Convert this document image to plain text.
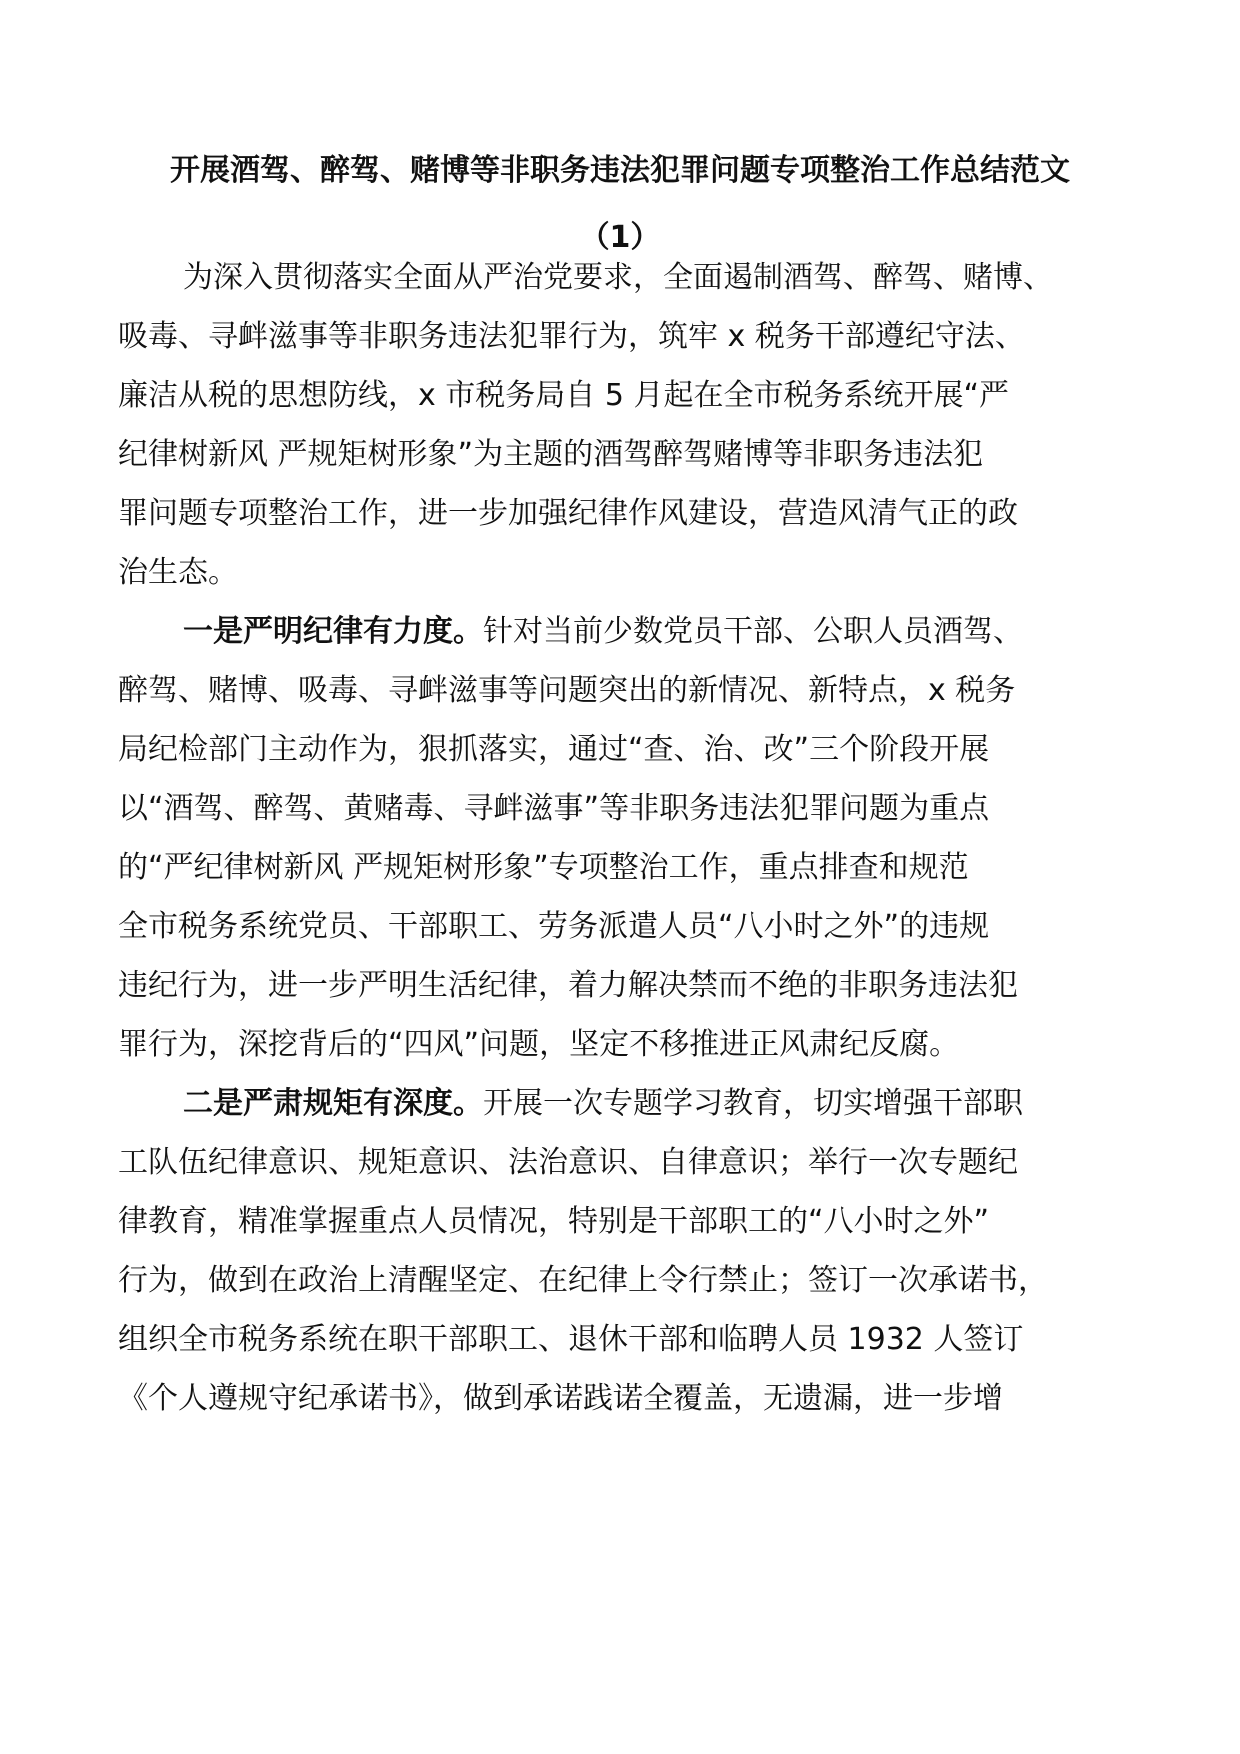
开展酒驾、醉驾、赌博等非职务违法犯罪问题专项整治工作总结范文
（1）
为深入贯彻落实全面从严治党要求，全面遏制酒驾、醉驾、赌博、
吸毒、寻衅滋事等非职务违法犯罪行为，筑牢 x 税务干部遵纪守法、
廉洁从税的思想防线，x 市税务局自 5 月起在全市税务系统开展“严
纪律树新风 严规矩树形象”为主题的酒驾醉驾赌博等非职务违法犯
罪问题专项整治工作，进一步加强纪律作风建设，营造风清气正的政
治生态。
一是严明纪律有力度。针对当前少数党员干部、公职人员酒驾、
醉驾、赌博、吸毒、寻衅滋事等问题突出的新情况、新特点，x 税务
局纪检部门主动作为，狠抓落实，通过“查、治、改”三个阶段开展
以“酒驾、醉驾、黄赌毒、寻衅滋事”等非职务违法犯罪问题为重点
的“严纪律树新风 严规矩树形象”专项整治工作，重点排查和规范
全市税务系统党员、干部职工、劳务派遣人员“八小时之外”的违规
违纪行为，进一步严明生活纪律，着力解决禁而不绝的非职务违法犯
罪行为，深挖背后的“四风”问题，坚定不移推进正风肃纪反腐。
二是严肃规矩有深度。开展一次专题学习教育，切实增强干部职
工队伍纪律意识、规矩意识、法治意识、自律意识；举行一次专题纪
律教育，精准掌握重点人员情况，特别是干部职工的“八小时之外”
行为，做到在政治上清醒坚定、在纪律上令行禁止；签订一次承诺书，
组织全市税务系统在职干部职工、退休干部和临聘人员 1932 人签订
《个人遵规守纪承诺书》，做到承诺践诺全覆盖，无遗漏，进一步增
